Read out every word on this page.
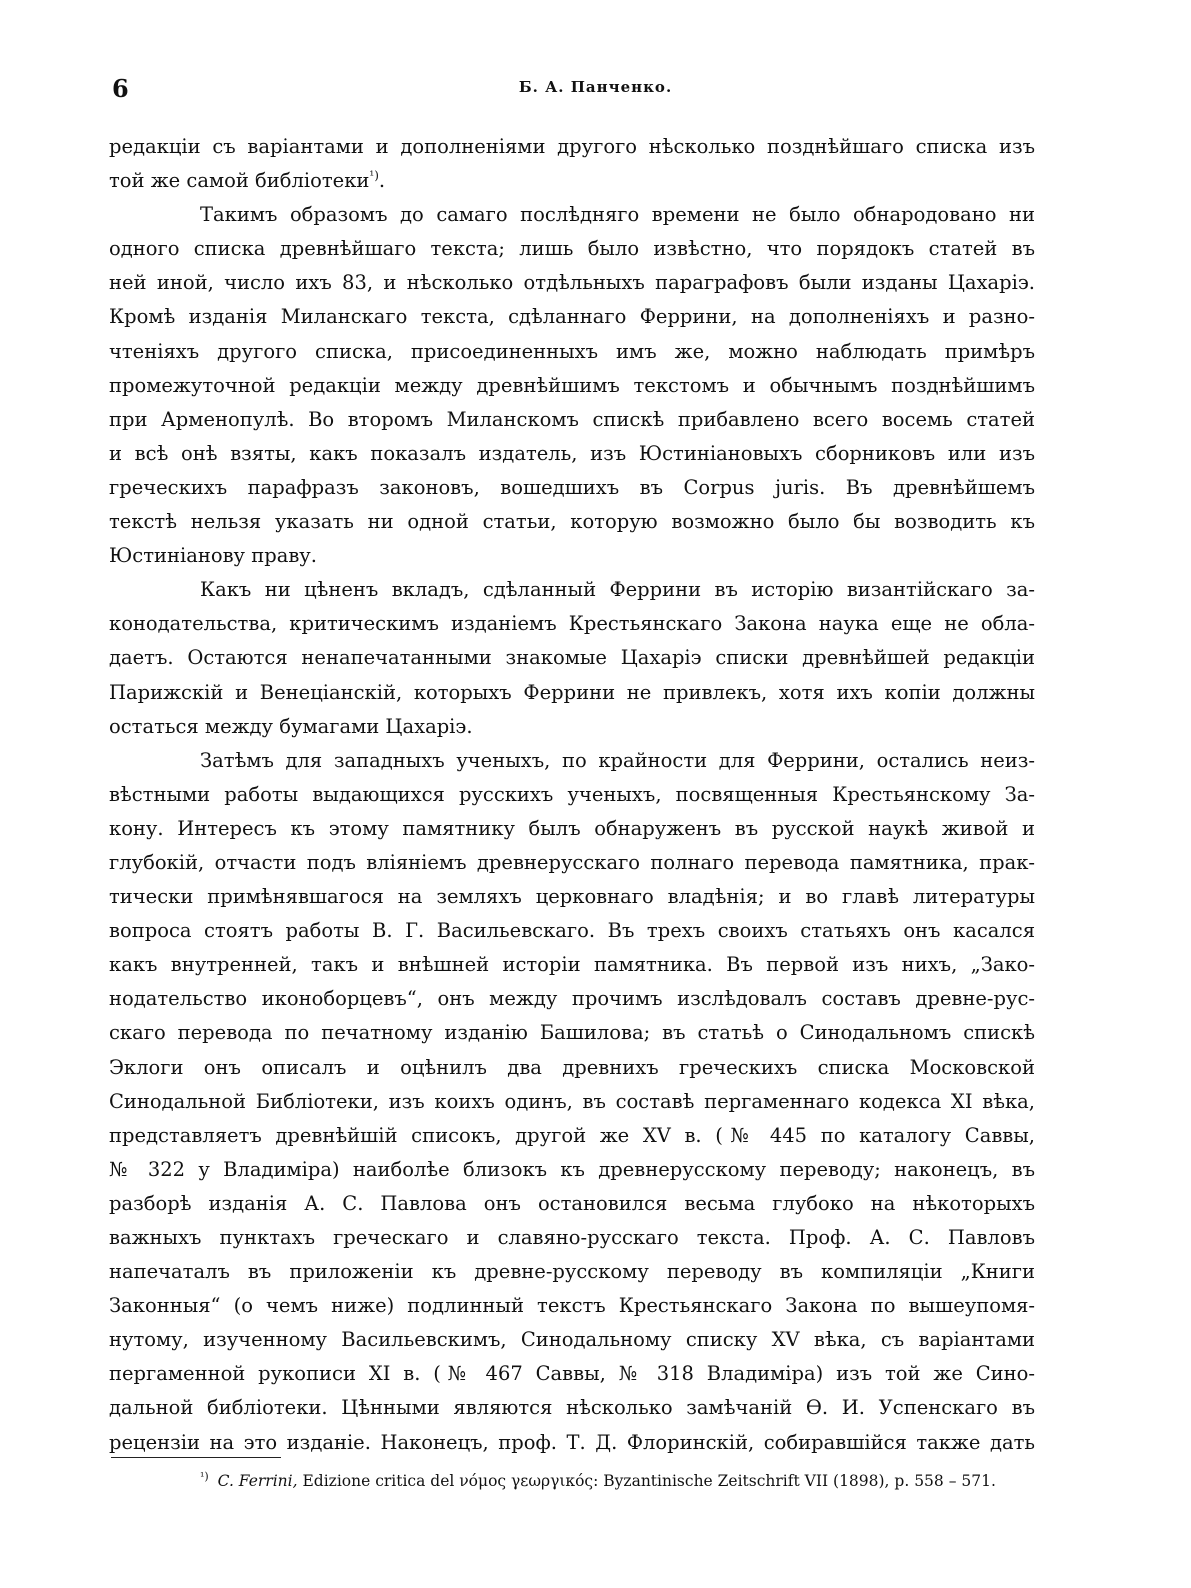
6	Б. А. Панченко.
редакціи съ варіантами и дополненіями другого нѣсколько позднѣйшаго списка изъ
той же самой библіотеки$^{^1)}$.
Такимъ образомъ до самаго послѣдняго времени не было обнародовано ни
одного списка древнѣйшаго текста; лишь было извѣстно, что порядокъ статей въ
ней иной, число ихъ 83, и нѣсколько отдѣльныхъ параграфовъ были изданы Цахаріэ.
Кромѣ изданія Миланскаго текста, сдѣланнаго Феррини, на дополненіяхъ и разно-
чтеніяхъ другого списка, присоединенныхъ имъ же, можно наблюдать примѣръ
промежуточной редакціи между древнѣйшимъ текстомъ и обычнымъ позднѣйшимъ
при Арменопулѣ. Во второмъ Миланскомъ спискѣ прибавлено всего восемь статей
и всѣ онѣ взяты, какъ показалъ издатель, изъ Юстиніановыхъ сборниковъ или изъ
греческихъ парафразъ законовъ, вошедшихъ въ Corpus juris. Въ древнѣйшемъ
текстѣ нельзя указать ни одной статьи, которую возможно было бы возводить къ
Юстиніанову праву.
Какъ ни цѣненъ вкладъ, сдѣланный Феррини въ исторію византійскаго за-
конодательства, критическимъ изданіемъ Крестьянскаго Закона наука еще не обла-
даетъ. Остаются ненапечатанными знакомые Цахаріэ списки древнѣйшей редакціи
Парижскій и Венеціанскій, которыхъ Феррини не привлекъ, хотя ихъ копіи должны
остаться между бумагами Цахаріэ.
Затѣмъ для западныхъ ученыхъ, по крайности для Феррини, остались неиз-
вѣстными работы выдающихся русскихъ ученыхъ, посвященныя Крестьянскому За-
кону. Интересъ къ этому памятнику былъ обнаруженъ въ русской наукѣ живой и
глубокій, отчасти подъ вліяніемъ древнерусскаго полнаго перевода памятника, прак-
тически примѣнявшагося на земляхъ церковнаго владѣнія; и во главѣ литературы
вопроса стоятъ работы В. Г. Васильевскаго. Въ трехъ своихъ статьяхъ онъ касался
какъ внутренней, такъ и внѣшней исторіи памятника. Въ первой изъ нихъ, „Зако-
нодательство иконоборцевъ“, онъ между прочимъ изслѣдовалъ составъ древне-рус-
скаго перевода по печатному изданію Башилова; въ статьѣ о Синодальномъ спискѣ
Эклоги онъ описалъ и оцѣнилъ два древнихъ греческихъ списка Московской
Синодальной Библіотеки, изъ коихъ одинъ, въ составѣ пергаменнаго кодекса XI вѣка,
представляетъ древнѣйшій списокъ, другой же XV в. (№ 445 по каталогу Саввы,
№ 322 у Владиміра) наиболѣе близокъ къ древнерусскому переводу; наконецъ, въ
разборѣ изданія А. С. Павлова онъ остановился весьма глубоко на нѣкоторыхъ
важныхъ пунктахъ греческаго и славяно-русскаго текста. Проф. А. С. Павловъ
напечаталъ въ приложеніи къ древне-русскому переводу въ компиляціи „Книги
Законныя“ (о чемъ ниже) подлинный текстъ Крестьянскаго Закона по вышеупомя-
нутому, изученному Васильевскимъ, Синодальному списку XV вѣка, съ варіантами
пергаменной рукописи XI в. (№ 467 Саввы, № 318 Владиміра) изъ той же Сино-
дальной библіотеки. Цѣнными являются нѣсколько замѣчаній Ѳ. И. Успенскаго въ
рецензіи на это изданіе. Наконецъ, проф. Т. Д. Флоринскій, собиравшійся также дать
$^{^1)}$ C. Ferrini, Edizione critica del νόμος γεωργικός: Byzantinische Zeitschrift VII (1898), p. 558 – 571.
